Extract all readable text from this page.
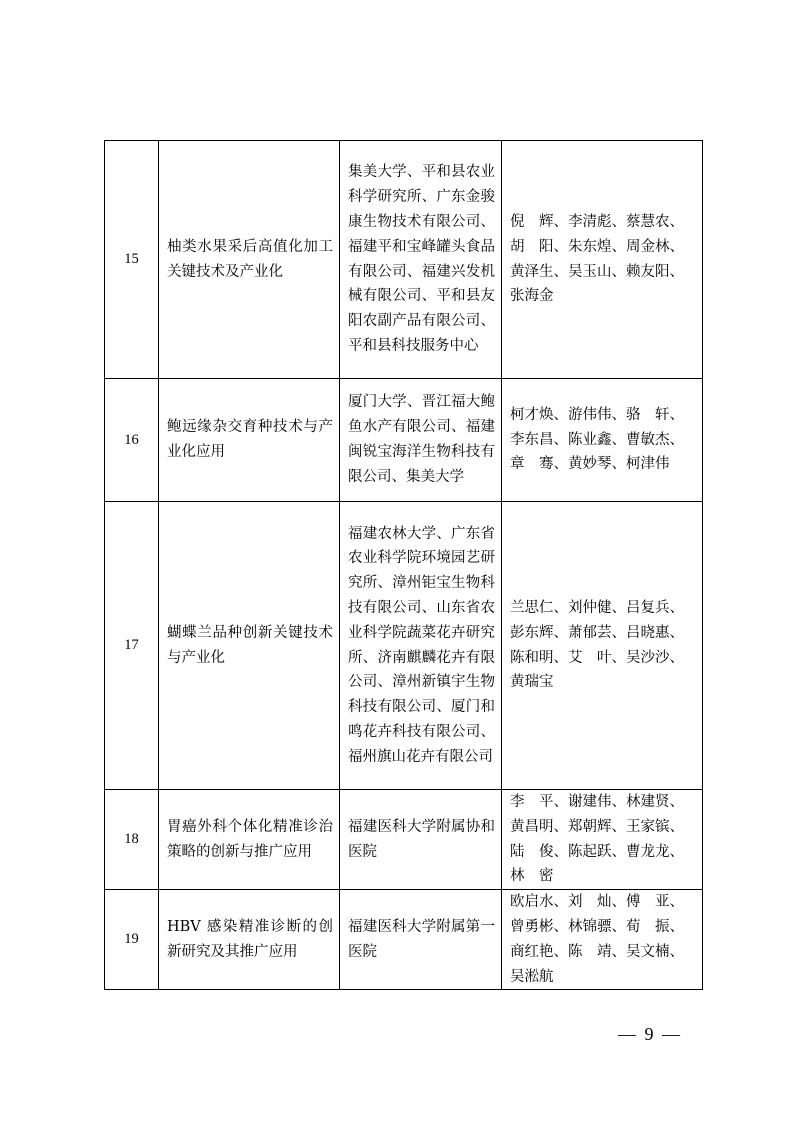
15	柚类水果采后高值化加工关键技术及产业化	集美大学、平和县农业科学研究所、广东金骏康生物技术有限公司、福建平和宝峰罐头食品有限公司、福建兴发机械有限公司、平和县友阳农副产品有限公司、平和县科技服务中心	倪　辉、李清彪、蔡慧农、胡　阳、朱东煌、周金林、黄泽生、吴玉山、赖友阳、张海金
16	鲍远缘杂交育种技术与产业化应用	厦门大学、晋江福大鲍鱼水产有限公司、福建闽锐宝海洋生物科技有限公司、集美大学	柯才焕、游伟伟、骆　轩、李东昌、陈业鑫、曹敏杰、章　骞、黄妙琴、柯津伟
17	蝴蝶兰品种创新关键技术与产业化	福建农林大学、广东省农业科学院环境园艺研究所、漳州钜宝生物科技有限公司、山东省农业科学院蔬菜花卉研究所、济南麒麟花卉有限公司、漳州新镇宇生物科技有限公司、厦门和鸣花卉科技有限公司、福州旗山花卉有限公司	兰思仁、刘仲健、吕复兵、彭东辉、萧郁芸、吕晓惠、陈和明、艾　叶、吴沙沙、黄瑞宝
18	胃癌外科个体化精准诊治策略的创新与推广应用	福建医科大学附属协和医院	李　平、谢建伟、林建贤、黄昌明、郑朝辉、王家镔、陆　俊、陈起跃、曹龙龙、林　密
19	HBV 感染精准诊断的创新研究及其推广应用	福建医科大学附属第一医院	欧启水、刘　灿、傅　亚、曾勇彬、林锦骠、荀　振、商红艳、陈　靖、吴文楠、吴淞航
— 9 —
